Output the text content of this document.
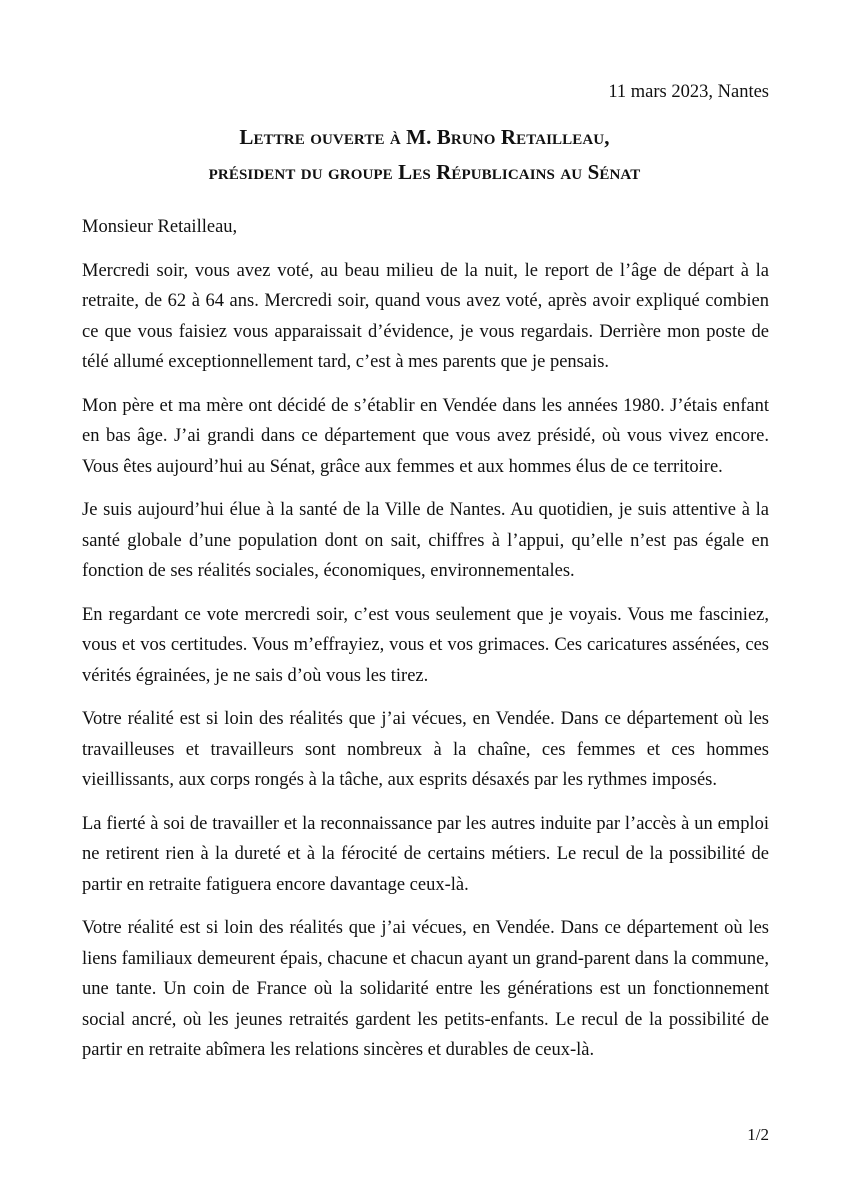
11 mars 2023, Nantes
Lettre ouverte à M. Bruno Retailleau,
président du groupe Les Républicains au Sénat

Monsieur Retailleau,

Mercredi soir, vous avez voté, au beau milieu de la nuit, le report de l’âge de départ à la retraite, de 62 à 64 ans. Mercredi soir, quand vous avez voté, après avoir expliqué combien ce que vous faisiez vous apparaissait d’évidence, je vous regardais. Derrière mon poste de télé allumé exceptionnellement tard, c’est à mes parents que je pensais.

Mon père et ma mère ont décidé de s’établir en Vendée dans les années 1980. J’étais enfant en bas âge. J’ai grandi dans ce département que vous avez présidé, où vous vivez encore. Vous êtes aujourd’hui au Sénat, grâce aux femmes et aux hommes élus de ce territoire.

Je suis aujourd’hui élue à la santé de la Ville de Nantes. Au quotidien, je suis attentive à la santé globale d’une population dont on sait, chiffres à l’appui, qu’elle n’est pas égale en fonction de ses réalités sociales, économiques, environnementales.

En regardant ce vote mercredi soir, c’est vous seulement que je voyais. Vous me fasciniez, vous et vos certitudes. Vous m’effrayiez, vous et vos grimaces. Ces caricatures assénées, ces vérités égrainées, je ne sais d’où vous les tirez.

Votre réalité est si loin des réalités que j’ai vécues, en Vendée. Dans ce département où les travailleuses et travailleurs sont nombreux à la chaîne, ces femmes et ces hommes vieillissants, aux corps rongés à la tâche, aux esprits désaxés par les rythmes imposés.

La fierté à soi de travailler et la reconnaissance par les autres induite par l’accès à un emploi ne retirent rien à la dureté et à la férocité de certains métiers. Le recul de la possibilité de partir en retraite fatiguera encore davantage ceux-là.

Votre réalité est si loin des réalités que j’ai vécues, en Vendée. Dans ce département où les liens familiaux demeurent épais, chacune et chacun ayant un grand-parent dans la commune, une tante. Un coin de France où la solidarité entre les générations est un fonctionnement social ancré, où les jeunes retraités gardent les petits-enfants. Le recul de la possibilité de partir en retraite abîmera les relations sincères et durables de ceux-là.

1/2
